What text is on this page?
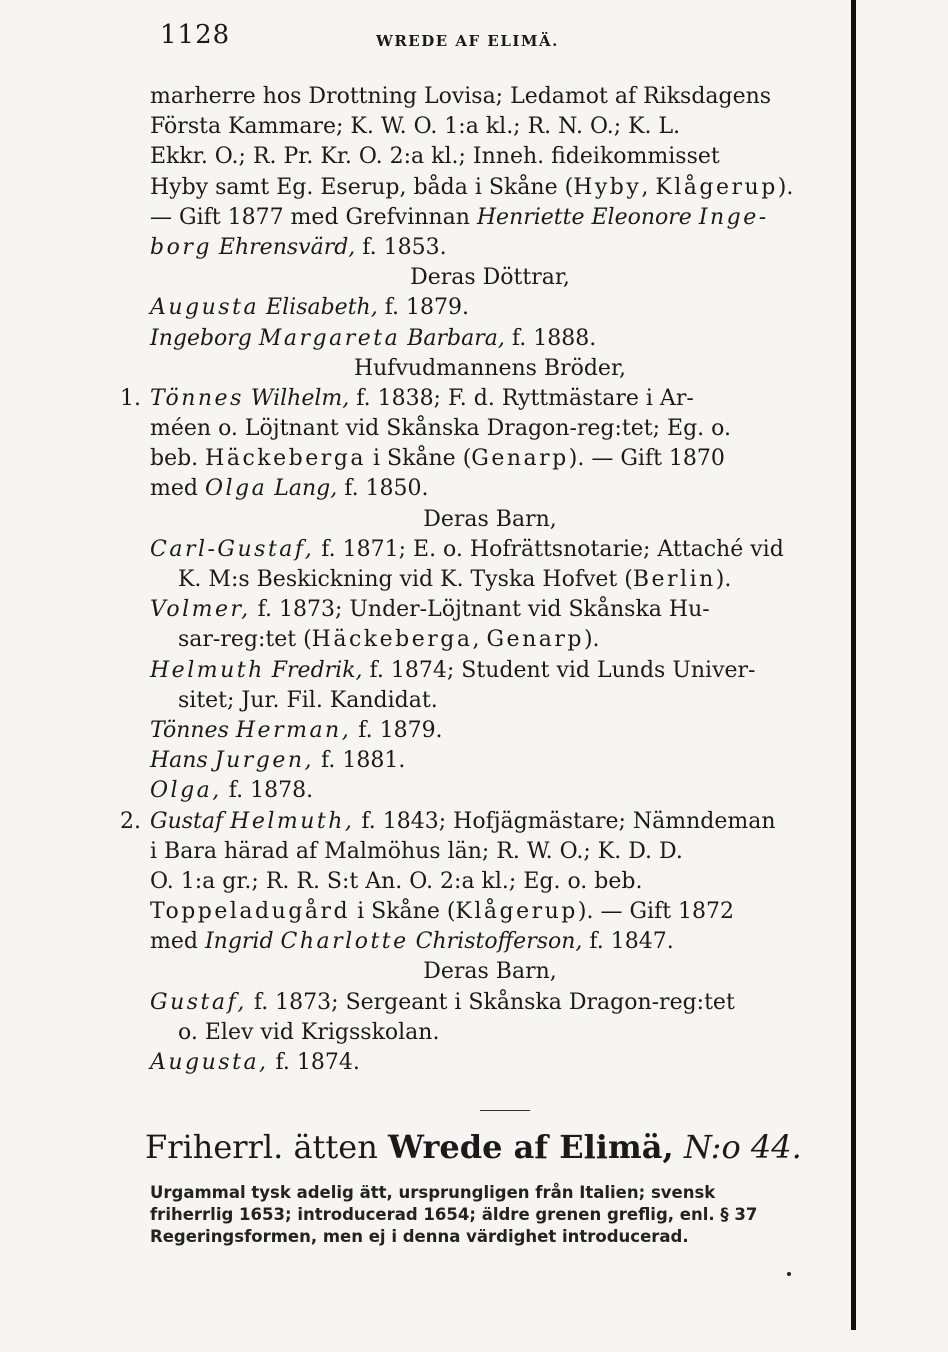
1128	WREDE AF ELIMÄ.
marherre hos Drottning Lovisa; Ledamot af Riksdagens
Första Kammare; K. W. O. 1:a kl.; R. N. O.; K. L.
Ekkr. O.; R. Pr. Kr. O. 2:a kl.; Inneh. fideikommisset
Hyby samt Eg. Eserup, båda i Skåne (Hyby, Klågerup).
— Gift 1877 med Grefvinnan Henriette Eleonore Inge-
borg Ehrensvärd, f. 1853.
Deras Döttrar,
Augusta Elisabeth, f. 1879.
Ingeborg Margareta Barbara, f. 1888.
Hufvudmannens Bröder,
1. Tönnes Wilhelm, f. 1838; F. d. Ryttmästare i Ar-
méen o. Löjtnant vid Skånska Dragon-reg:tet; Eg. o.
beb. Häckeberga i Skåne (Genarp). — Gift 1870
med Olga Lang, f. 1850.
Deras Barn,
Carl-Gustaf, f. 1871; E. o. Hofrättsnotarie; Attaché vid
K. M:s Beskickning vid K. Tyska Hofvet (Berlin).
Volmer, f. 1873; Under-Löjtnant vid Skånska Hu-
sar-reg:tet (Häckeberga, Genarp).
Helmuth Fredrik, f. 1874; Student vid Lunds Univer-
sitet; Jur. Fil. Kandidat.
Tönnes Herman, f. 1879.
Hans Jurgen, f. 1881.
Olga, f. 1878.
2. Gustaf Helmuth, f. 1843; Hofjägmästare; Nämndeman
i Bara härad af Malmöhus län; R. W. O.; K. D. D.
O. 1:a gr.; R. R. S:t An. O. 2:a kl.; Eg. o. beb.
Toppeladugård i Skåne (Klågerup). — Gift 1872
med Ingrid Charlotte Christofferson, f. 1847.
Deras Barn,
Gustaf, f. 1873; Sergeant i Skånska Dragon-reg:tet
o. Elev vid Krigsskolan.
Augusta, f. 1874.
Friherrl. ätten Wrede af Elimä, N:o 44.
Urgammal tysk adelig ätt, ursprungligen från Italien; svensk
friherrlig 1653; introducerad 1654; äldre grenen greflig, enl. § 37
Regeringsformen, men ej i denna värdighet introducerad.
